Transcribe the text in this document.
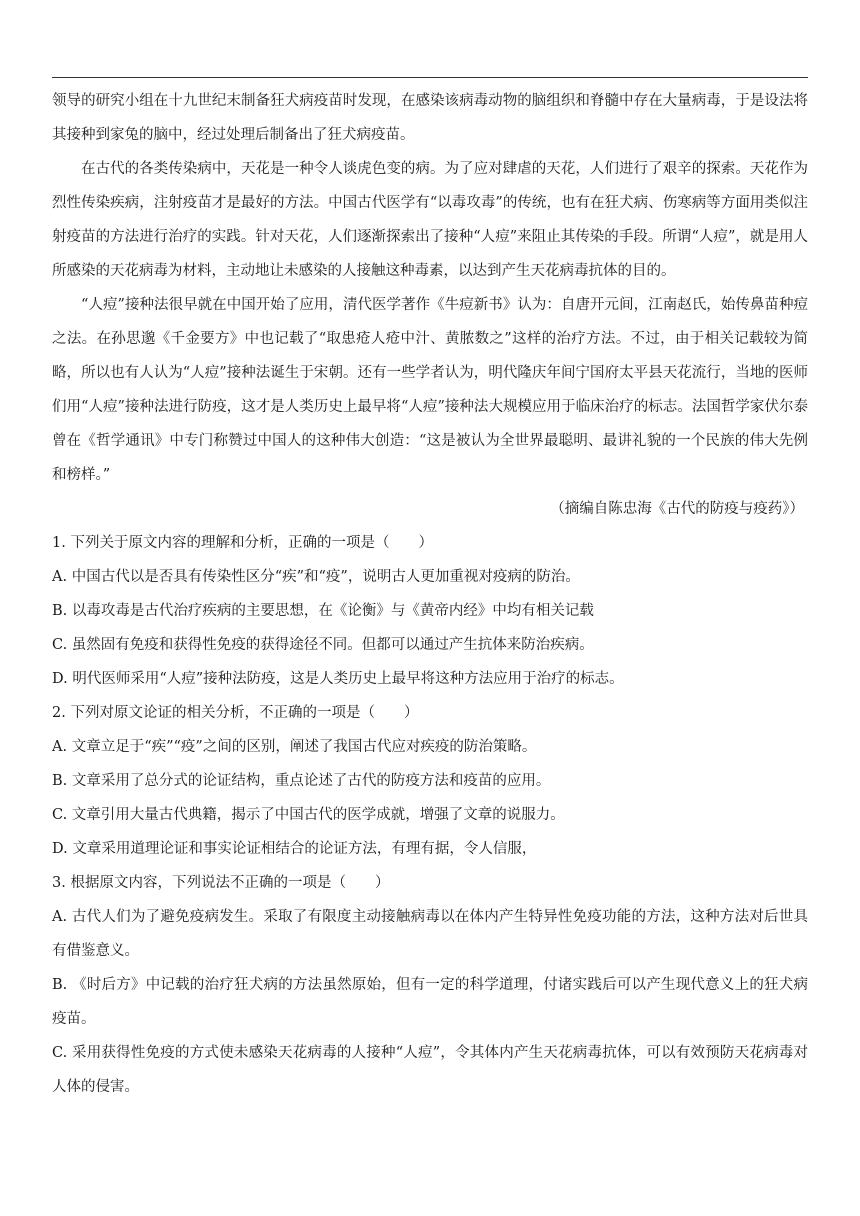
领导的研究小组在十九世纪末制备狂犬病疫苗时发现，在感染该病毒动物的脑组织和脊髓中存在大量病毒，于是设法将其接种到家兔的脑中，经过处理后制备出了狂犬病疫苗。

在古代的各类传染病中，天花是一种令人谈虎色变的病。为了应对肆虐的天花，人们进行了艰辛的探索。天花作为烈性传染疾病，注射疫苗才是最好的方法。中国古代医学有“以毒攻毒”的传统，也有在狂犬病、伤寒病等方面用类似注射疫苗的方法进行治疗的实践。针对天花，人们逐渐探索出了接种“人痘”来阻止其传染的手段。所谓“人痘”，就是用人所感染的天花病毒为材料，主动地让未感染的人接触这种毒素，以达到产生天花病毒抗体的目的。

“人痘”接种法很早就在中国开始了应用，清代医学著作《牛痘新书》认为：自唐开元间，江南赵氏，始传鼻苗种痘之法。在孙思邈《千金要方》中也记载了“取患疮人疮中汁、黄脓数之”这样的治疗方法。不过，由于相关记载较为简略，所以也有人认为“人痘”接种法诞生于宋朝。还有一些学者认为，明代隆庆年间宁国府太平县天花流行，当地的医师们用“人痘”接种法进行防疫，这才是人类历史上最早将“人痘”接种法大规模应用于临床治疗的标志。法国哲学家伏尔泰曾在《哲学通讯》中专门称赞过中国人的这种伟大创造：“这是被认为全世界最聪明、最讲礼貌的一个民族的伟大先例和榜样。”

（摘编自陈忠海《古代的防疫与疫药》）

1. 下列关于原文内容的理解和分析，正确的一项是（　　）

A. 中国古代以是否具有传染性区分“疾”和“疫”，说明古人更加重视对疫病的防治。

B. 以毒攻毒是古代治疗疾病的主要思想，在《论衡》与《黄帝内经》中均有相关记载

C. 虽然固有免疫和获得性免疫的获得途径不同。但都可以通过产生抗体来防治疾病。

D. 明代医师采用“人痘”接种法防疫，这是人类历史上最早将这种方法应用于治疗的标志。

2. 下列对原文论证的相关分析，不正确的一项是（　　）

A. 文章立足于“疾”“疫”之间的区别，阐述了我国古代应对疾疫的防治策略。

B. 文章采用了总分式的论证结构，重点论述了古代的防疫方法和疫苗的应用。

C. 文章引用大量古代典籍，揭示了中国古代的医学成就，增强了文章的说服力。

D. 文章采用道理论证和事实论证相结合的论证方法，有理有据，令人信服，

3. 根据原文内容，下列说法不正确的一项是（　　）

A. 古代人们为了避免疫病发生。采取了有限度主动接触病毒以在体内产生特异性免疫功能的方法，这种方法对后世具有借鉴意义。

B. 《时后方》中记载的治疗狂犬病的方法虽然原始，但有一定的科学道理，付诸实践后可以产生现代意义上的狂犬病疫苗。

C. 采用获得性免疫的方式使未感染天花病毒的人接种“人痘”，令其体内产生天花病毒抗体，可以有效预防天花病毒对人体的侵害。
